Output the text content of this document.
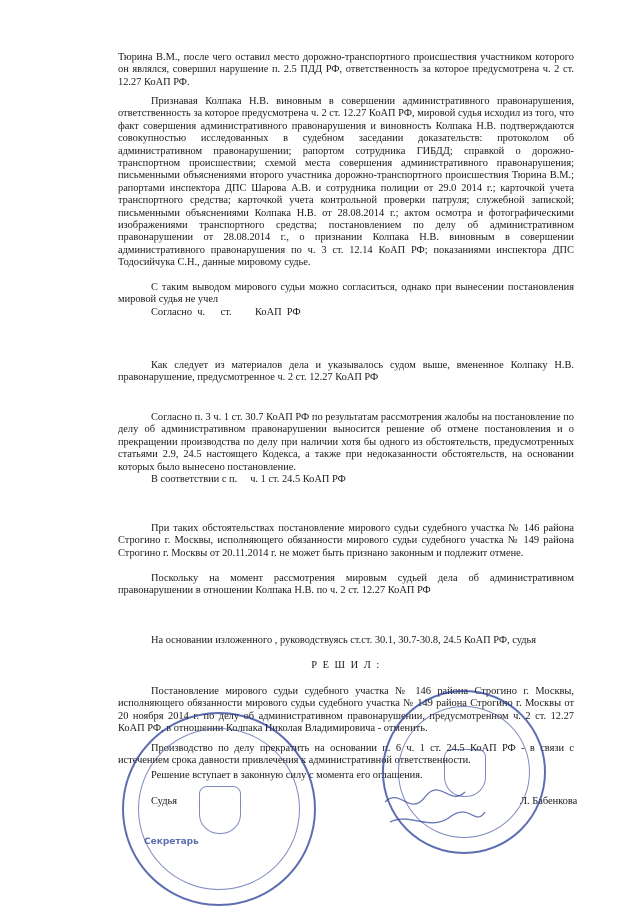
Тюрина В.М., после чего оставил место дорожно-транспортного происшествия участником которого он являлся, совершил нарушение п. 2.5 ПДД РФ, ответственность за которое предусмотрена ч. 2 ст. 12.27 КоАП РФ.
Признавая Колпака Н.В. виновным в совершении административного правонарушения, ответственность за которое предусмотрена ч. 2 ст. 12.27 КоАП РФ, мировой судья исходил из того, что факт совершения административного правонарушения и виновность Колпака Н.В. подтверждаются совокупностью исследованных в судебном заседании доказательств: протоколом об административном правонарушении; рапортом сотрудника ГИБДД; справкой о дорожно-транспортном происшествии; схемой места совершения административного правонарушения; письменными объяснениями второго участника дорожно-транспортного происшествия Тюрина В.М.; рапортами инспектора ДПС Шарова А.В. и сотрудника полиции от 29.0 2014 г.; карточкой учета транспортного средства; карточкой учета контрольной проверки патруля; служебной запиской; письменными объяснениями Колпака Н.В. от 28.08.2014 г.; актом осмотра и фотографическими изображениями транспортного средства; постановлением по делу об административном правонарушении от 28.08.2014 г., о признании Колпака Н.В. виновным в совершении административного правонарушения по ч. 3 ст. 12.14 КоАП РФ; показаниями инспектора ДПС Тодосийчука С.Н., данные мировому судье.
С таким выводом мирового судьи можно согласиться, однако при вынесении постановления мировой судья не учел
Согласно  ч.      ст.         КоАП  РФ
Как следует из материалов дела и указывалось судом выше, вмененное Колпаку Н.В. правонарушение, предусмотренное ч. 2 ст. 12.27 КоАП РФ
Согласно п. 3 ч. 1 ст. 30.7 КоАП РФ по результатам рассмотрения жалобы на постановление по делу об административном правонарушении выносится решение об отмене постановления и о прекращении производства по делу при наличии хотя бы одного из обстоятельств, предусмотренных статьями 2.9, 24.5 настоящего Кодекса, а также при недоказанности обстоятельств, на основании которых было вынесено постановление.
В соответствии с п.     ч. 1 ст. 24.5 КоАП РФ
При таких обстоятельствах постановление мирового судьи судебного участка № 146 района Строгино г. Москвы, исполняющего обязанности мирового судьи судебного участка № 149 района Строгино г. Москвы от 20.11.2014 г. не может быть признано законным и подлежит отмене.
Поскольку на момент рассмотрения мировым судьей дела об административном правонарушении в отношении Колпака Н.В. по ч. 2 ст. 12.27 КоАП РФ
На основании изложенного , руководствуясь ст.ст. 30.1, 30.7-30.8, 24.5 КоАП РФ, судья
Р Е Ш И Л :
Постановление мирового судьи судебного участка № 146 района Строгино г. Москвы, исполняющего обязанности мирового судьи судебного участка № 149 района Строгино г. Москвы от 20 ноября 2014 г. по делу об административном правонарушении, предусмотренном ч. 2 ст. 12.27 КоАП РФ, в отношении Колпака Николая Владимировича - отменить.
Производство по делу прекратить на основании п. 6 ч. 1 ст. 24.5 КоАП РФ - в связи с истечением срока давности привлечения к административной ответственности.
Решение вступает в законную силу с момента его оглашения.
Судья	Л. Бабенкова
Секретарь
